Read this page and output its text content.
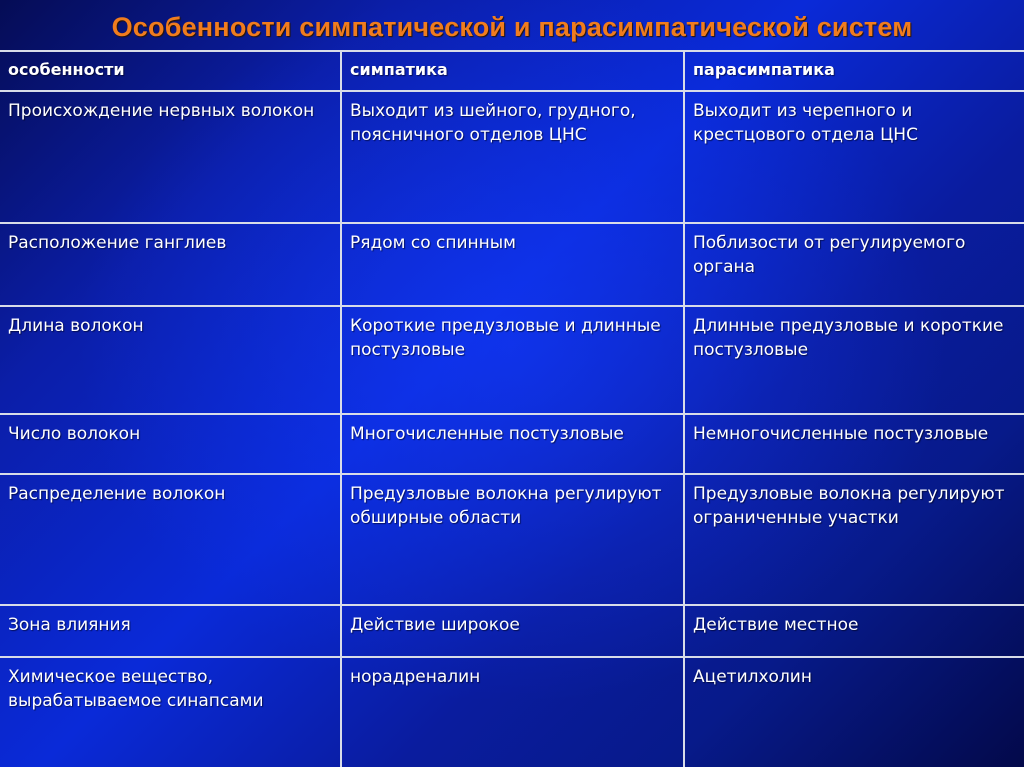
Особенности симпатической и парасимпатической систем
особенности	симпатика	парасимпатика
Происхождение нервных волокон	Выходит из шейного, грудного, поясничного отделов ЦНС	Выходит из черепного и крестцового отдела ЦНС
Расположение ганглиев	Рядом со спинным	Поблизости от регулируемого органа
Длина волокон	Короткие предузловые и длинные постузловые	Длинные предузловые и короткие постузловые
Число волокон	Многочисленные постузловые	Немногочисленные постузловые
Распределение волокон	Предузловые волокна регулируют обширные области	Предузловые волокна регулируют ограниченные участки
Зона влияния	Действие широкое	Действие местное
Химическое вещество, вырабатываемое синапсами	норадреналин	Ацетилхолин
